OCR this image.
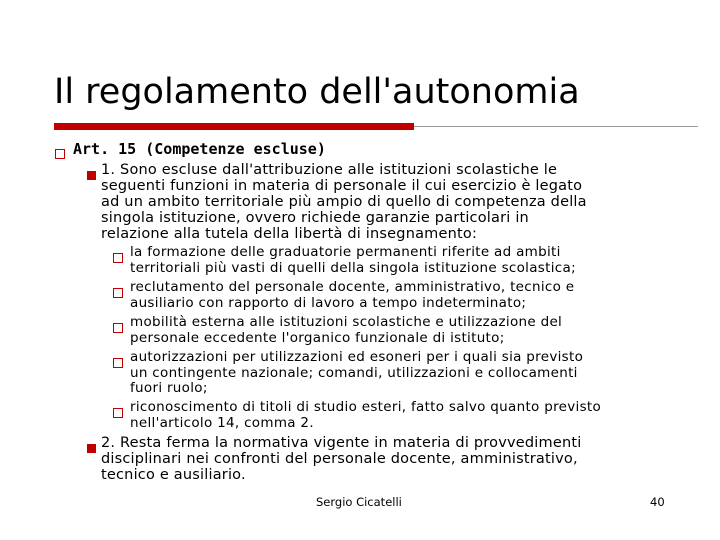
Il regolamento dell'autonomia
Art. 15 (Competenze escluse)
1. Sono escluse dall'attribuzione alle istituzioni scolastiche le
seguenti funzioni in materia di personale il cui esercizio è legato
ad un ambito territoriale più ampio di quello di competenza della
singola istituzione, ovvero richiede garanzie particolari in
relazione alla tutela della libertà di insegnamento:
la formazione delle graduatorie permanenti riferite ad ambiti
territoriali più vasti di quelli della singola istituzione scolastica;
reclutamento del personale docente, amministrativo, tecnico e
ausiliario con rapporto di lavoro a tempo indeterminato;
mobilità esterna alle istituzioni scolastiche e utilizzazione del
personale eccedente l'organico funzionale di istituto;
autorizzazioni per utilizzazioni ed esoneri per i quali sia previsto
un contingente nazionale; comandi, utilizzazioni e collocamenti
fuori ruolo;
riconoscimento di titoli di studio esteri, fatto salvo quanto previsto
nell'articolo 14, comma 2.
2. Resta ferma la normativa vigente in materia di provvedimenti
disciplinari nei confronti del personale docente, amministrativo,
tecnico e ausiliario.
Sergio Cicatelli	40
